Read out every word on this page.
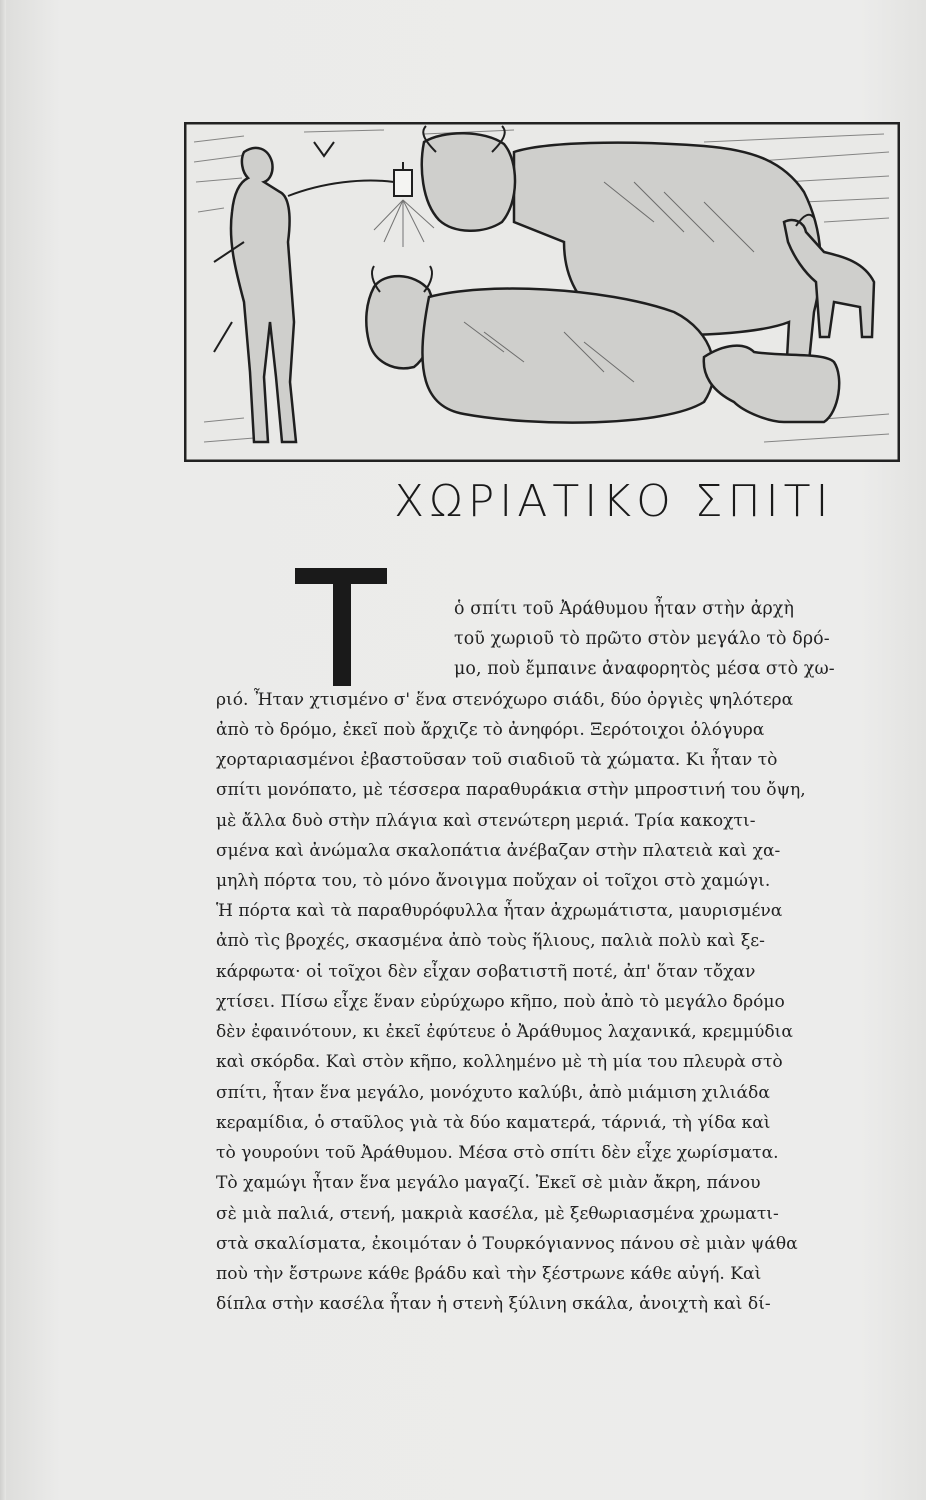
ΧΩΡΙΑΤΙΚΟ ΣΠΙΤΙ
Τ
ὁ σπίτι τοῦ Ἀράθυμου ἦταν στὴν ἀρχὴ
τοῦ χωριοῦ τὸ πρῶτο στὸν μεγάλο τὸ δρό-
μο, ποὺ ἔμπαινε ἀναφορητὸς μέσα στὸ χω-
ριό. Ἦταν χτισμένο σ' ἕνα στενόχωρο σιάδι, δύο ὀργιὲς ψηλότερα
ἀπὸ τὸ δρόμο, ἐκεῖ ποὺ ἄρχιζε τὸ ἀνηφόρι. Ξερότοιχοι ὁλόγυρα
χορταριασμένοι ἐβαστοῦσαν τοῦ σιαδιοῦ τὰ χώματα. Κι ἦταν τὸ
σπίτι μονόπατο, μὲ τέσσερα παραθυράκια στὴν μπροστινή του ὄψη,
μὲ ἄλλα δυὸ στὴν πλάγια καὶ στενώτερη μεριά. Τρία κακοχτι-
σμένα καὶ ἀνώμαλα σκαλοπάτια ἀνέβαζαν στὴν πλατειὰ καὶ χα-
μηλὴ πόρτα του, τὸ μόνο ἄνοιγμα ποὔχαν οἱ τοῖχοι στὸ χαμώγι.
Ἡ πόρτα καὶ τὰ παραθυρόφυλλα ἦταν ἀχρωμάτιστα, μαυρισμένα
ἀπὸ τὶς βροχές, σκασμένα ἀπὸ τοὺς ἥλιους, παλιὰ πολὺ καὶ ξε-
κάρφωτα· οἱ τοῖχοι δὲν εἶχαν σοβατιστῆ ποτέ, ἀπ' ὅταν τὄχαν
χτίσει. Πίσω εἶχε ἕναν εὐρύχωρο κῆπο, ποὺ ἀπὸ τὸ μεγάλο δρόμο
δὲν ἐφαινότουν, κι ἐκεῖ ἐφύτευε ὁ Ἀράθυμος λαχανικά, κρεμμύδια
καὶ σκόρδα. Καὶ στὸν κῆπο, κολλημένο μὲ τὴ μία του πλευρὰ στὸ
σπίτι, ἦταν ἕνα μεγάλο, μονόχυτο καλύβι, ἀπὸ μιάμιση χιλιάδα
κεραμίδια, ὁ σταῦλος γιὰ τὰ δύο καματερά, τάρνιά, τὴ γίδα καὶ
τὸ γουρούνι τοῦ Ἀράθυμου. Μέσα στὸ σπίτι δὲν εἶχε χωρίσματα.
Τὸ χαμώγι ἦταν ἕνα μεγάλο μαγαζί. Ἐκεῖ σὲ μιὰν ἄκρη, πάνου
σὲ μιὰ παλιά, στενή, μακριὰ κασέλα, μὲ ξεθωριασμένα χρωματι-
στὰ σκαλίσματα, ἐκοιμόταν ὁ Τουρκόγιαννος πάνου σὲ μιὰν ψάθα
ποὺ τὴν ἔστρωνε κάθε βράδυ καὶ τὴν ξέστρωνε κάθε αὐγή. Καὶ
δίπλα στὴν κασέλα ἦταν ἡ στενὴ ξύλινη σκάλα, ἀνοιχτὴ καὶ δί-
